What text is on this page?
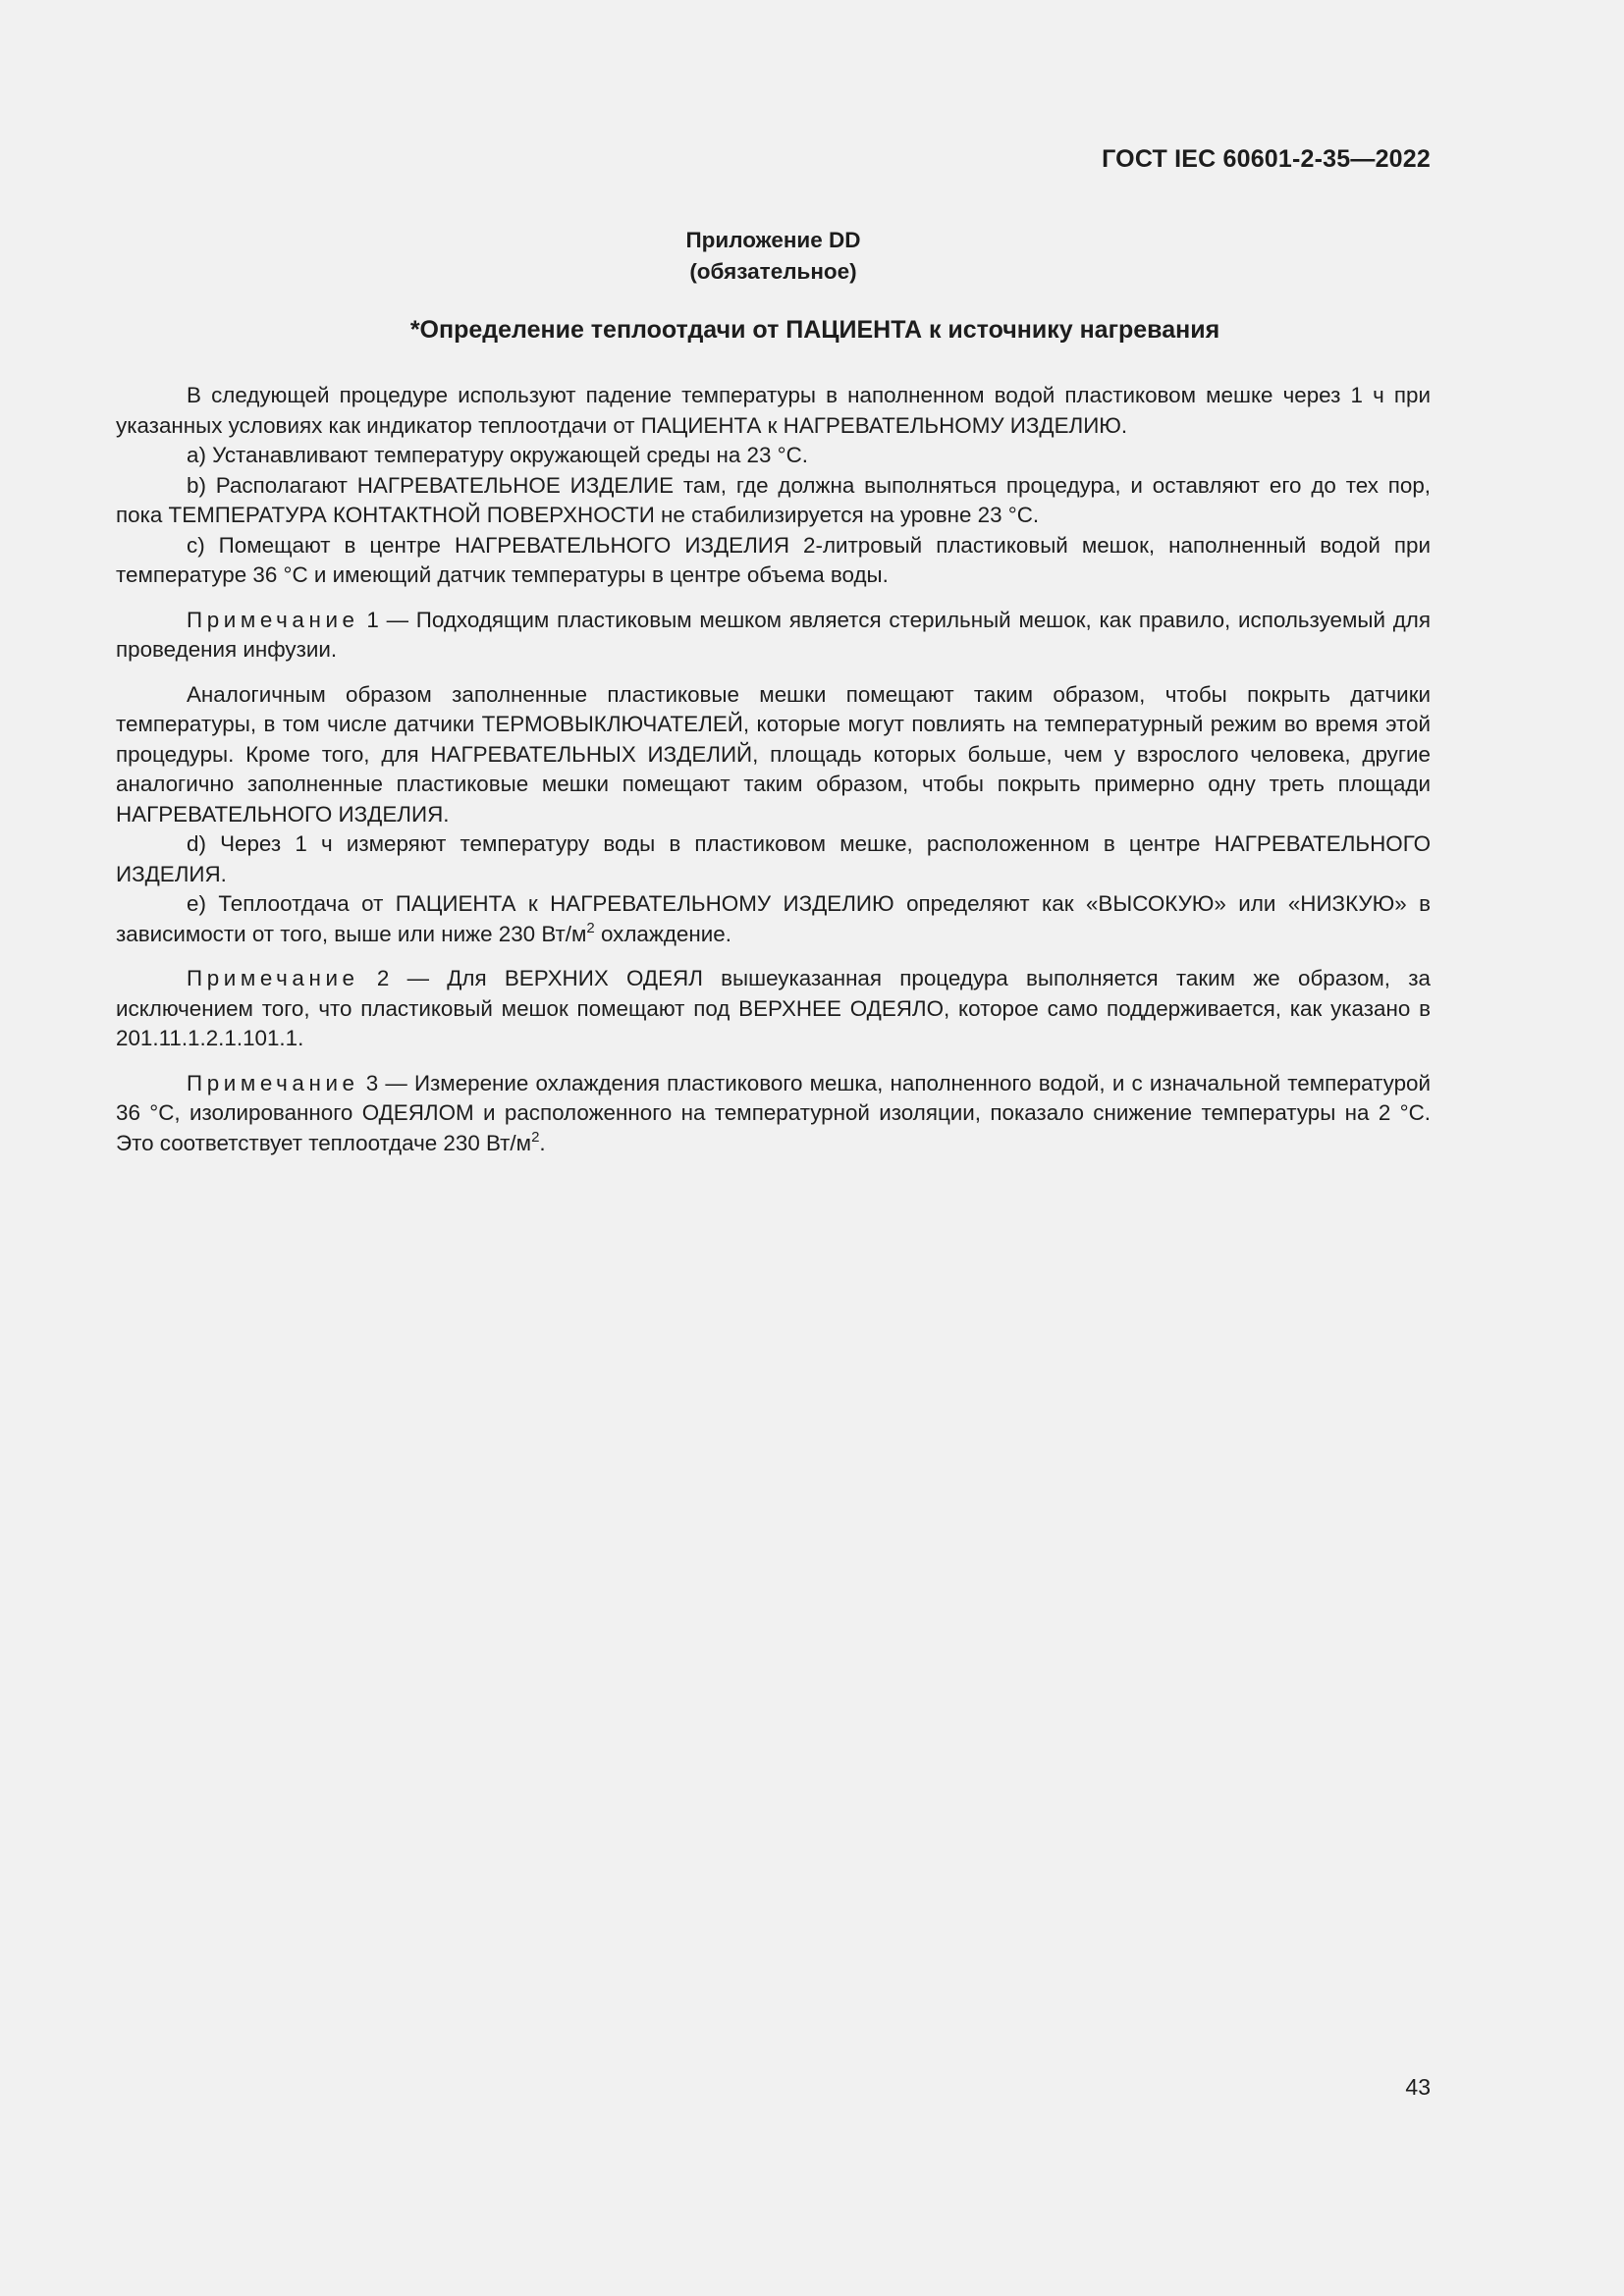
ГОСТ IEC 60601-2-35—2022
Приложение DD
(обязательное)
*Определение теплоотдачи от ПАЦИЕНТА к источнику нагревания

В следующей процедуре используют падение температуры в наполненном водой пластиковом мешке через 1 ч при указанных условиях как индикатор теплоотдачи от ПАЦИЕНТА к НАГРЕВАТЕЛЬНОМУ ИЗДЕЛИЮ.

a) Устанавливают температуру окружающей среды на 23 °С.

b) Располагают НАГРЕВАТЕЛЬНОЕ ИЗДЕЛИЕ там, где должна выполняться процедура, и оставляют его до тех пор, пока ТЕМПЕРАТУРА КОНТАКТНОЙ ПОВЕРХНОСТИ не стабилизируется на уровне 23 °С.

c) Помещают в центре НАГРЕВАТЕЛЬНОГО ИЗДЕЛИЯ 2-литровый пластиковый мешок, наполненный водой при температуре 36 °С и имеющий датчик температуры в центре объема воды.

Примечание 1 — Подходящим пластиковым мешком является стерильный мешок, как правило, используемый для проведения инфузии.

Аналогичным образом заполненные пластиковые мешки помещают таким образом, чтобы покрыть датчики температуры, в том числе датчики ТЕРМОВЫКЛЮЧАТЕЛЕЙ, которые могут повлиять на температурный режим во время этой процедуры. Кроме того, для НАГРЕВАТЕЛЬНЫХ ИЗДЕЛИЙ, площадь которых больше, чем у взрослого человека, другие аналогично заполненные пластиковые мешки помещают таким образом, чтобы покрыть примерно одну треть площади НАГРЕВАТЕЛЬНОГО ИЗДЕЛИЯ.

d) Через 1 ч измеряют температуру воды в пластиковом мешке, расположенном в центре НАГРЕВАТЕЛЬНОГО ИЗДЕЛИЯ.

e) Теплоотдача от ПАЦИЕНТА к НАГРЕВАТЕЛЬНОМУ ИЗДЕЛИЮ определяют как «ВЫСОКУЮ» или «НИЗКУЮ» в зависимости от того, выше или ниже 230 $Вт/м^2$ охлаждение.

Примечание 2 — Для ВЕРХНИХ ОДЕЯЛ вышеуказанная процедура выполняется таким же образом, за исключением того, что пластиковый мешок помещают под ВЕРХНЕЕ ОДЕЯЛО, которое само поддерживается, как указано в 201.11.1.2.1.101.1.

Примечание 3 — Измерение охлаждения пластикового мешка, наполненного водой, и с изначальной температурой 36 °С, изолированного ОДЕЯЛОМ и расположенного на температурной изоляции, показало снижение температуры на 2 °С. Это соответствует теплоотдаче 230 $Вт/м^2$.

43
